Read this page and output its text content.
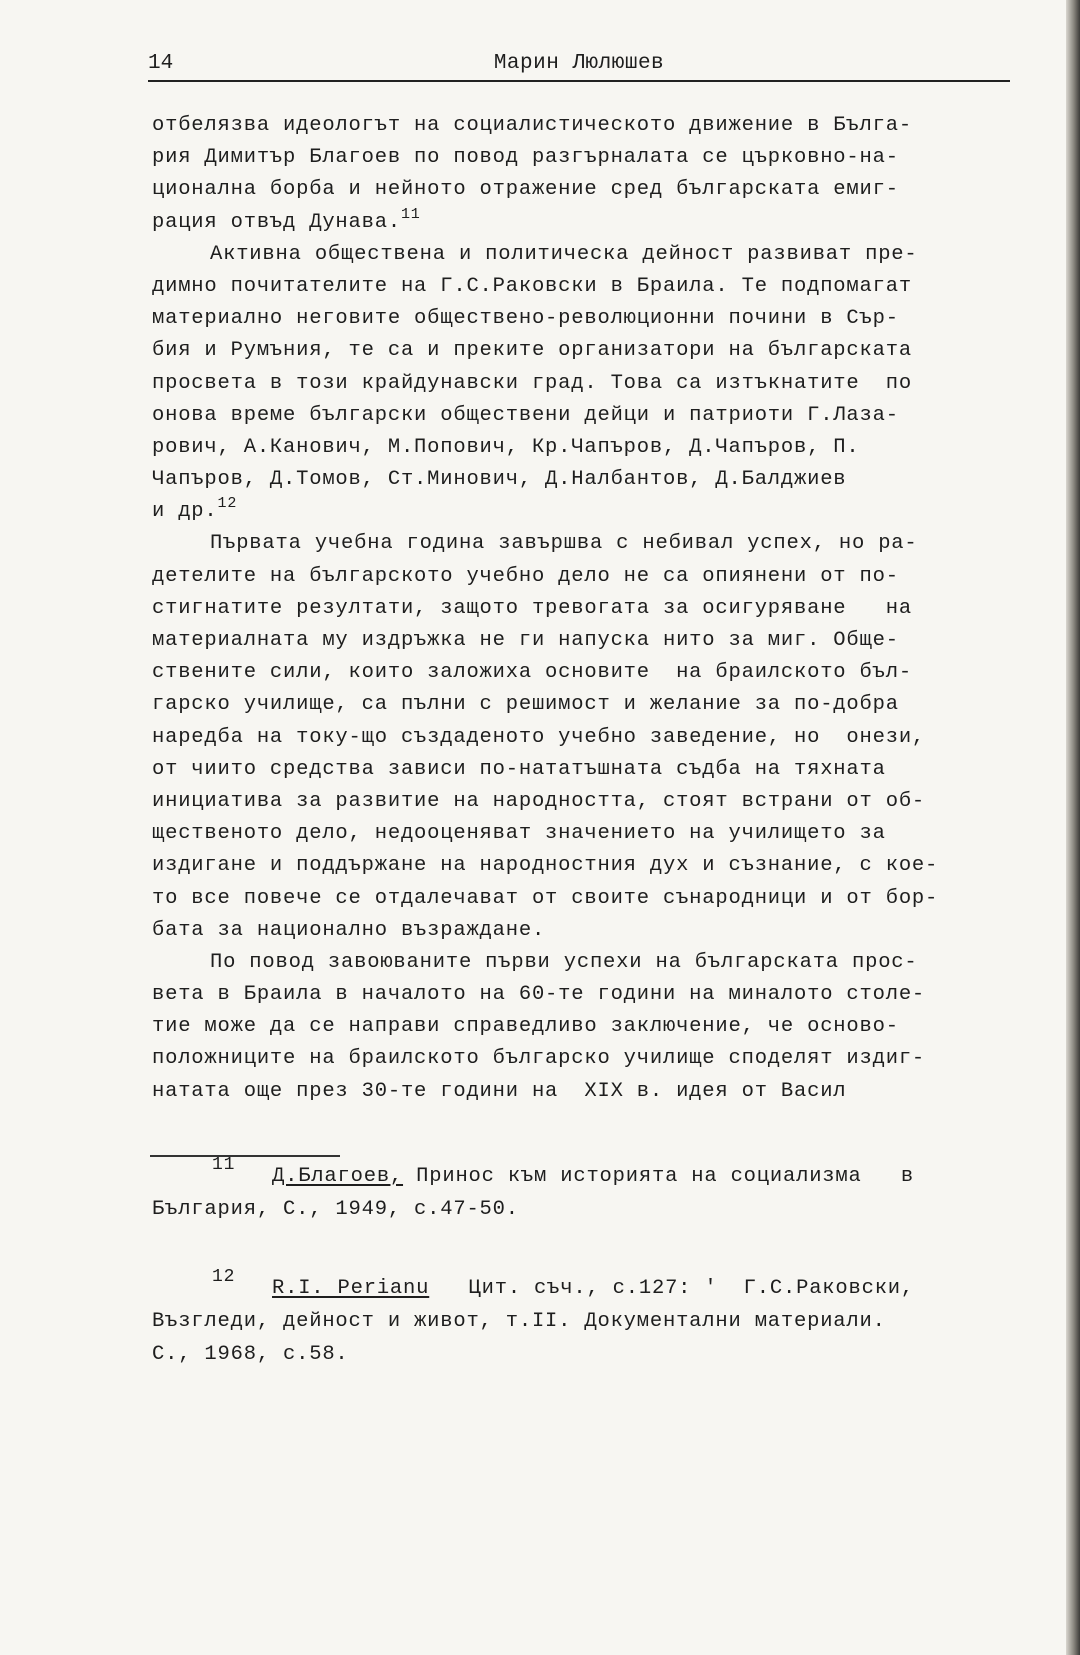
14	Марин Люлюшев
отбелязва идеологът на социалистическото движение в Бълга-
рия Димитър Благоев по повод разгърналата се църковно-на-
ционална борба и нейното отражение сред българската емиг-
рация отвъд Дунава.$^{11}$
Активна обществена и политическа дейност развиват пре-
димно почитателите на Г.С.Раковски в Браила. Те подпомагат
материално неговите обществено-революционни почини в Сър-
бия и Румъния, те са и преките организатори на българската
просвета в този крайдунавски град. Това са изтъкнатите  по
онова време български обществени дейци и патриоти Г.Лаза-
рович, А.Канович, М.Попович, Кр.Чапъров, Д.Чапъров, П.
Чапъров, Д.Томов, Ст.Минович, Д.Налбантов, Д.Балджиев
и др.$^{12}$
Първата учебна година завършва с небивал успех, но ра-
детелите на българското учебно дело не са опиянени от по-
стигнатите резултати, защото тревогата за осигуряване   на
материалната му издръжка не ги напуска нито за миг. Обще-
ствените сили, които заложиха основите  на браилското бъл-
гарско училище, са пълни с решимост и желание за по-добра
наредба на току-що създаденото учебно заведение, но  онези,
от чиито средства зависи по-нататъшната съдба на тяхната
инициатива за развитие на народността, стоят встрани от об-
щественото дело, недооценяват значението на училището за
издигане и поддържане на народностния дух и съзнание, с кое-
то все повече се отдалечават от своите сънародници и от бор-
бата за национално възраждане.
По повод завоюваните първи успехи на българската прос-
вета в Браила в началото на 60-те години на миналото столе-
тие може да се направи справедливо заключение, че осново-
положниците на браилското българско училище споделят издиг-
натата още през 30-те години на  XIX в. идея от Васил
11 Д.Благоев, Принос към историята на социализма   в
България, С., 1949, с.47-50.
12 R.I. Perianu   Цит. съч., с.127: '  Г.С.Раковски,
Възгледи, дейност и живот, т.II. Документални материали.
С., 1968, с.58.
